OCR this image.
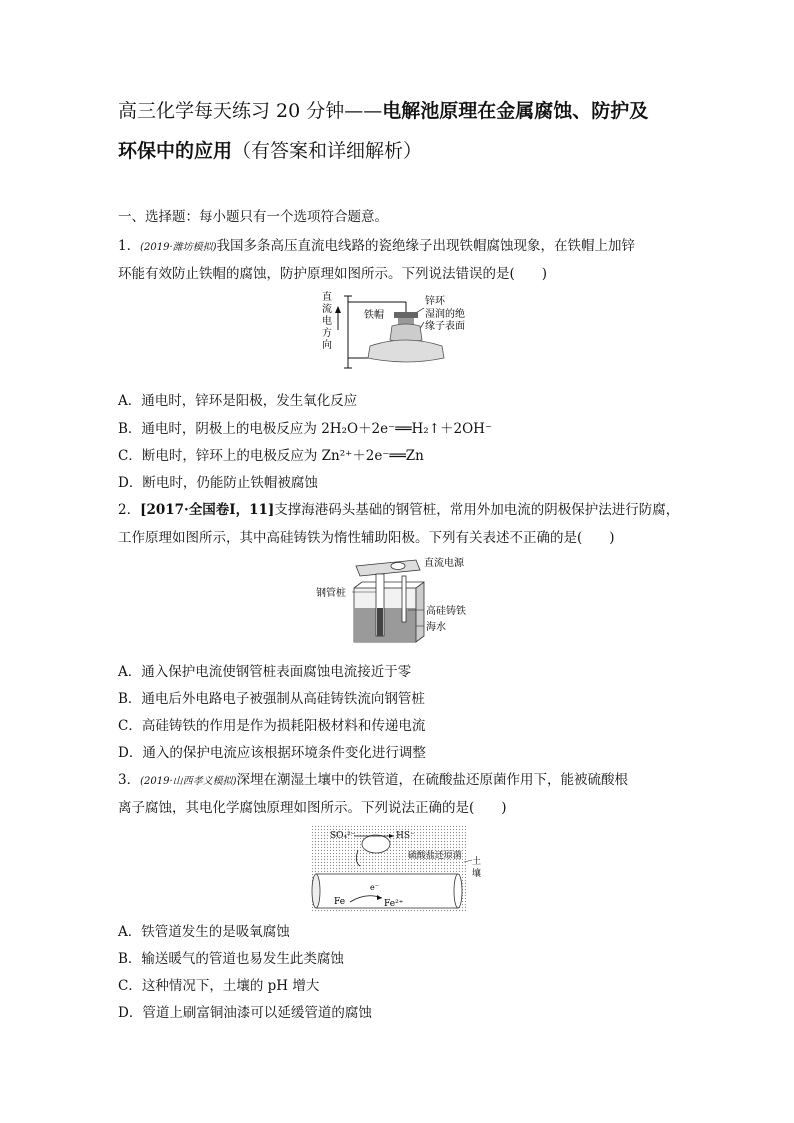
高三化学每天练习 20 分钟——电解池原理在金属腐蚀、防护及
环保中的应用（有答案和详细解析）
一、选择题：每小题只有一个选项符合题意。
1．(2019·潍坊模拟)我国多条高压直流电线路的瓷绝缘子出现铁帽腐蚀现象，在铁帽上加锌
环能有效防止铁帽的腐蚀，防护原理如图所示。下列说法错误的是(　　)
直
流
电
方
向
铁帽
锌环
湿润的绝
缘子表面
A．通电时，锌环是阳极，发生氧化反应
B．通电时，阴极上的电极反应为 2H₂O＋2e⁻══H₂↑＋2OH⁻
C．断电时，锌环上的电极反应为 Zn²⁺＋2e⁻══Zn
D．断电时，仍能防止铁帽被腐蚀
2．[2017·全国卷Ⅰ，11]支撑海港码头基础的钢管桩，常用外加电流的阴极保护法进行防腐，
工作原理如图所示，其中高硅铸铁为惰性辅助阳极。下列有关表述不正确的是(　　)
直流电源
钢管桩
高硅铸铁
海水
A．通入保护电流使钢管桩表面腐蚀电流接近于零
B．通电后外电路电子被强制从高硅铸铁流向钢管桩
C．高硅铸铁的作用是作为损耗阳极材料和传递电流
D．通入的保护电流应该根据环境条件变化进行调整
3．(2019·山西孝义模拟)深埋在潮湿土壤中的铁管道，在硫酸盐还原菌作用下，能被硫酸根
离子腐蚀，其电化学腐蚀原理如图所示。下列说法正确的是(　　)
SO₄²⁻	HS⁻
硫酸盐还原菌
土
壤
Fe
e⁻
Fe²⁺
A．铁管道发生的是吸氧腐蚀
B．输送暖气的管道也易发生此类腐蚀
C．这种情况下，土壤的 pH 增大
D．管道上刷富铜油漆可以延缓管道的腐蚀
